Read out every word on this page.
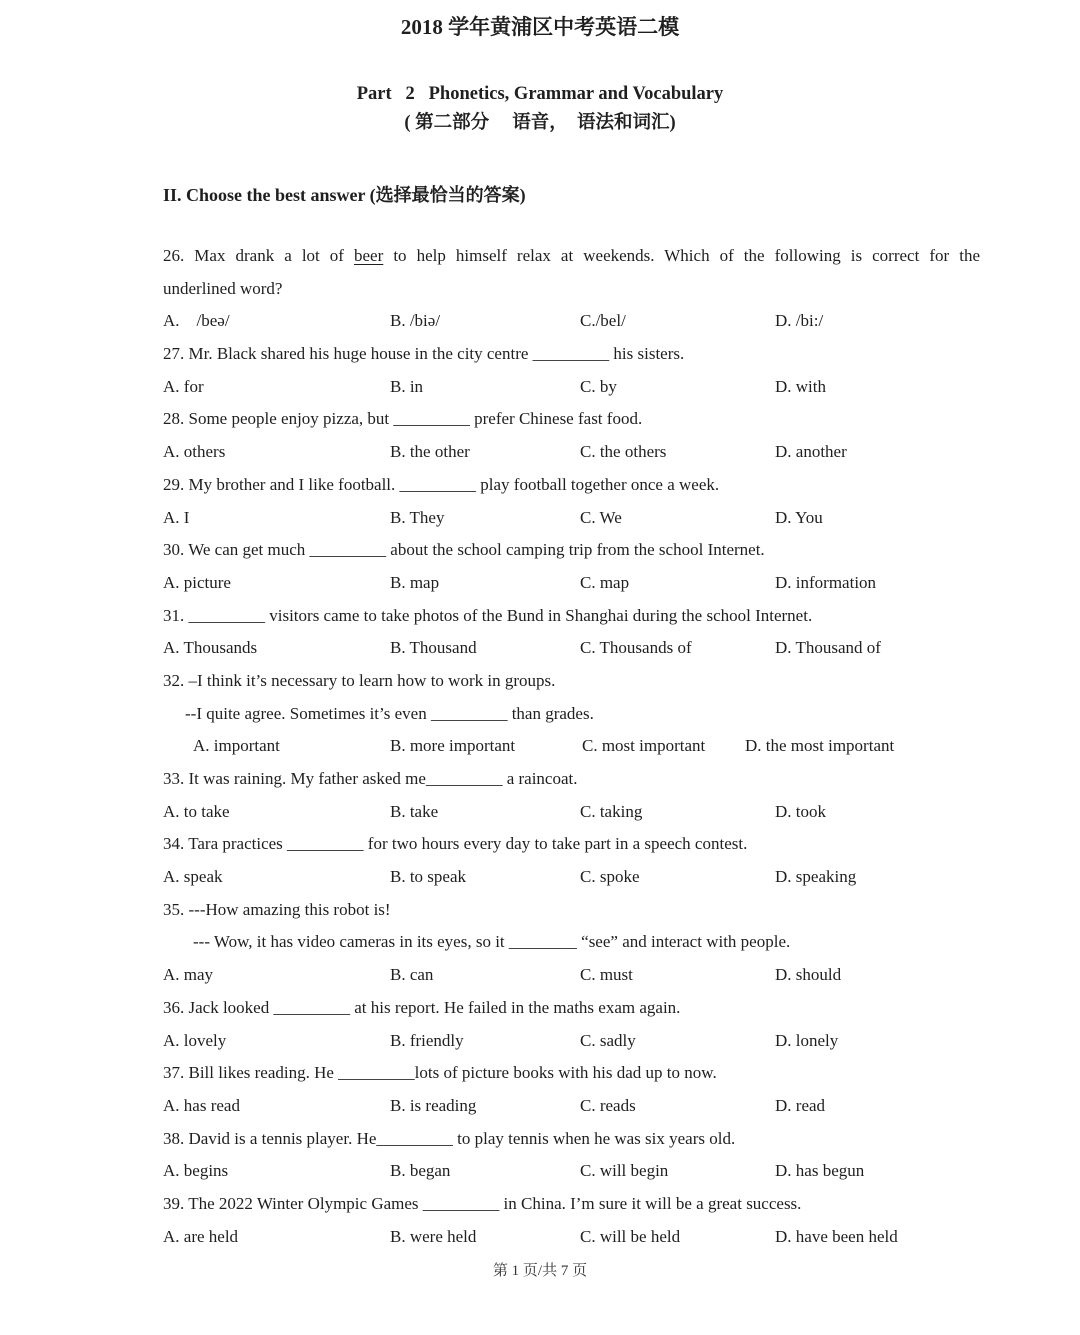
2018 学年黄浦区中考英语二模
Part   2   Phonetics, Grammar and Vocabulary
( 第二部分     语音，  语法和词汇)
II. Choose the best answer (选择最恰当的答案)
26. Max drank a lot of beer to help himself relax at weekends. Which of the following is correct for the
underlined word?
A.    /beə/	B. /biə/	C./bel/	D. /bi:/
27. Mr. Black shared his huge house in the city centre _________ his sisters.
A. for	B. in	C. by	D. with
28. Some people enjoy pizza, but _________ prefer Chinese fast food.
A. others	B. the other	C. the others	D. another
29. My brother and I like football. _________ play football together once a week.
A. I	B. They	C. We	D. You
30. We can get much _________ about the school camping trip from the school Internet.
A. picture	B. map	C. map	D. information
31. _________ visitors came to take photos of the Bund in Shanghai during the school Internet.
A. Thousands	B. Thousand	C. Thousands of	D. Thousand of
32. –I think it’s necessary to learn how to work in groups.
--I quite agree. Sometimes it’s even _________ than grades.
A. important	B. more important	C. most important	D. the most important
33. It was raining. My father asked me_________ a raincoat.
A. to take	B. take	C. taking	D. took
34. Tara practices _________ for two hours every day to take part in a speech contest.
A. speak	B. to speak	C. spoke	D. speaking
35. ---How amazing this robot is!
--- Wow, it has video cameras in its eyes, so it ________ “see” and interact with people.
A. may	B. can	C. must	D. should
36. Jack looked _________ at his report. He failed in the maths exam again.
A. lovely	B. friendly	C. sadly	D. lonely
37. Bill likes reading. He _________lots of picture books with his dad up to now.
A. has read	B. is reading	C. reads	D. read
38. David is a tennis player. He_________ to play tennis when he was six years old.
A. begins	B. began	C. will begin	D. has begun
39. The 2022 Winter Olympic Games _________ in China. I’m sure it will be a great success.
A. are held	B. were held	C. will be held	D. have been held
第 1 页/共 7 页
